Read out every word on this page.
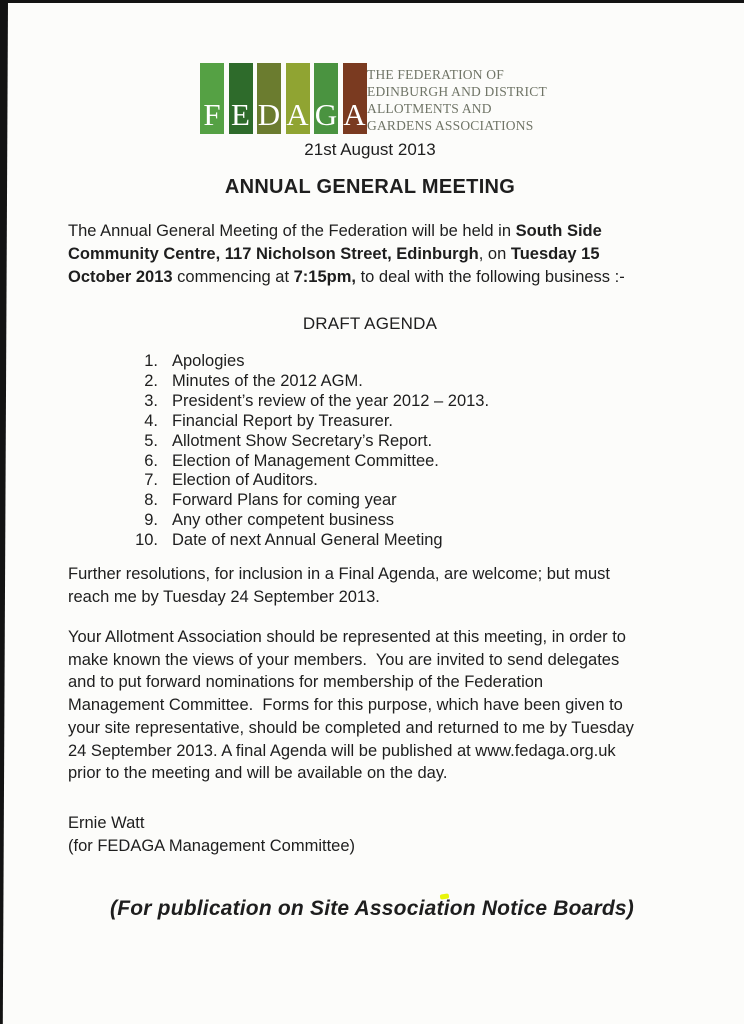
F E D A G A
THE FEDERATION OF
EDINBURGH AND DISTRICT
ALLOTMENTS AND
GARDENS ASSOCIATIONS
21st August 2013
ANNUAL GENERAL MEETING
The Annual General Meeting of the Federation will be held in South Side
Community Centre, 117 Nicholson Street, Edinburgh, on Tuesday 15
October 2013 commencing at 7:15pm, to deal with the following business :-
DRAFT AGENDA
1. Apologies
2. Minutes of the 2012 AGM.
3. President’s review of the year 2012 – 2013.
4. Financial Report by Treasurer.
5. Allotment Show Secretary’s Report.
6. Election of Management Committee.
7. Election of Auditors.
8. Forward Plans for coming year
9. Any other competent business
10. Date of next Annual General Meeting
Further resolutions, for inclusion in a Final Agenda, are welcome; but must
reach me by Tuesday 24 September 2013.
Your Allotment Association should be represented at this meeting, in order to
make known the views of your members.  You are invited to send delegates
and to put forward nominations for membership of the Federation
Management Committee.  Forms for this purpose, which have been given to
your site representative, should be completed and returned to me by Tuesday
24 September 2013. A final Agenda will be published at www.fedaga.org.uk
prior to the meeting and will be available on the day.
Ernie Watt
(for FEDAGA Management Committee)
(For publication on Site Association Notice Boards)
